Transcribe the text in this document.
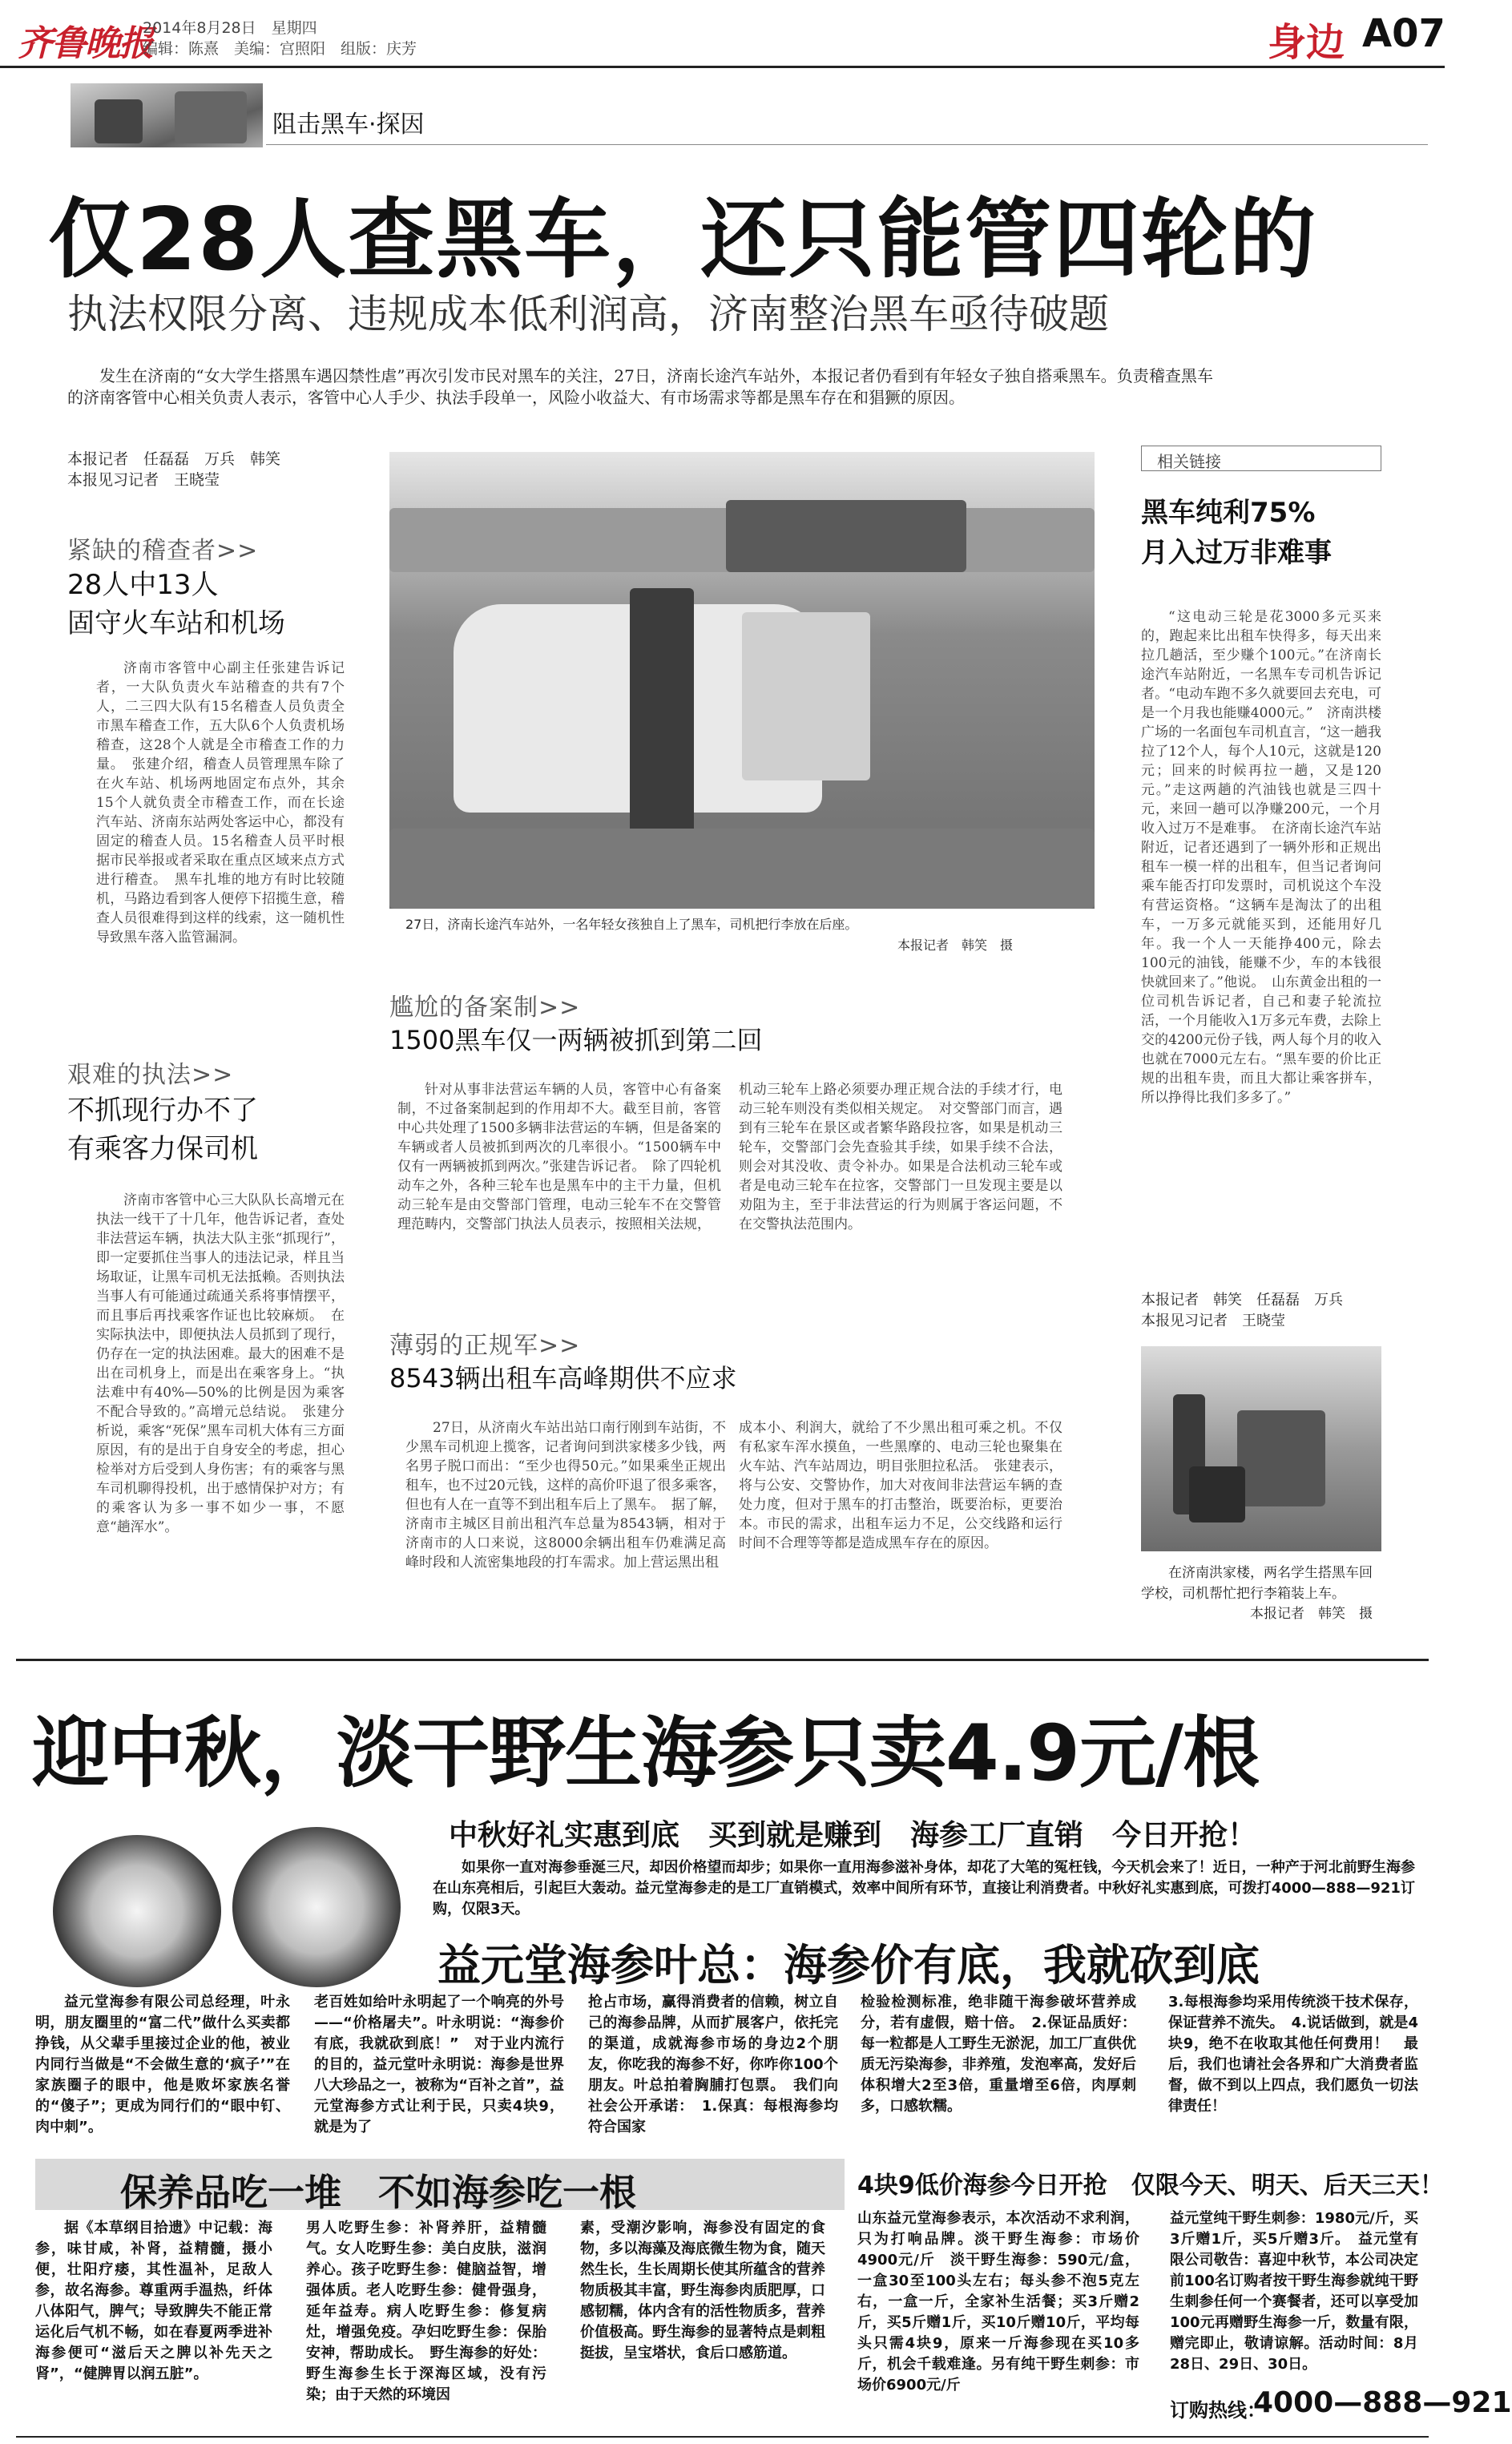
齐鲁晚报
2014年8月28日　星期四
编辑：陈熹　美编：宫照阳　组版：庆芳	身边 A07
阻击黑车·探因
仅28人查黑车，还只能管四轮的
执法权限分离、违规成本低利润高，济南整治黑车亟待破题
发生在济南的“女大学生搭黑车遇囚禁性虐”再次引发市民对黑车的关注，27日，济南长途汽车站外，本报记者仍看到有年轻女子独自搭乘黑车。负责稽查黑车的济南客管中心相关负责人表示，客管中心人手少、执法手段单一，风险小收益大、有市场需求等都是黑车存在和猖獗的原因。
本报记者　任磊磊　万兵　韩笑
本报见习记者　王晓莹
紧缺的稽查者>>
28人中13人
固守火车站和机场
济南市客管中心副主任张建告诉记者，一大队负责火车站稽查的共有7个人，二三四大队有15名稽查人员负责全市黑车稽查工作，五大队6个人负责机场稽查，这28个人就是全市稽查工作的力量。　张建介绍，稽查人员管理黑车除了在火车站、机场两地固定布点外，其余15个人就负责全市稽查工作，而在长途汽车站、济南东站两处客运中心，都没有固定的稽查人员。15名稽查人员平时根据市民举报或者采取在重点区域来点方式进行稽查。　黑车扎堆的地方有时比较随机，马路边看到客人便停下招揽生意，稽查人员很难得到这样的线索，这一随机性导致黑车落入监管漏洞。
艰难的执法>>
不抓现行办不了
有乘客力保司机
济南市客管中心三大队队长高增元在执法一线干了十几年，他告诉记者，查处非法营运车辆，执法大队主张“抓现行”，即一定要抓住当事人的违法记录，样且当场取证，让黑车司机无法抵赖。否则执法当事人有可能通过疏通关系将事情摆平，而且事后再找乘客作证也比较麻烦。　在实际执法中，即便执法人员抓到了现行，仍存在一定的执法困难。最大的困难不是出在司机身上，而是出在乘客身上。“执法难中有40%—50%的比例是因为乘客不配合导致的。”高增元总结说。　张建分析说，乘客“死保”黑车司机大体有三方面原因，有的是出于自身安全的考虑，担心检举对方后受到人身伤害；有的乘客与黑车司机聊得投机，出于感情保护对方；有的乘客认为多一事不如少一事，不愿意“趟浑水”。
27日，济南长途汽车站外，一名年轻女孩独自上了黑车，司机把行李放在后座。
本报记者　韩笑　摄
尴尬的备案制>>
1500黑车仅一两辆被抓到第二回
针对从事非法营运车辆的人员，客管中心有备案制，不过备案制起到的作用却不大。截至目前，客管中心共处理了1500多辆非法营运的车辆，但是备案的车辆或者人员被抓到两次的几率很小。“1500辆车中仅有一两辆被抓到两次。”张建告诉记者。　除了四轮机动车之外，各种三轮车也是黑车中的主干力量，但机动三轮车是由交警部门管理，电动三轮车不在交警管理范畴内，交警部门执法人员表示，按照相关法规，
机动三轮车上路必须要办理正规合法的手续才行，电动三轮车则没有类似相关规定。　对交警部门而言，遇到有三轮车在景区或者繁华路段拉客，如果是机动三轮车，交警部门会先查验其手续，如果手续不合法，则会对其没收、责令补办。如果是合法机动三轮车或者是电动三轮车在拉客，交警部门一旦发现主要是以劝阻为主，至于非法营运的行为则属于客运问题，不在交警执法范围内。
薄弱的正规军>>
8543辆出租车高峰期供不应求
27日，从济南火车站出站口南行刚到车站街，不少黑车司机迎上揽客，记者询问到洪家楼多少钱，两名男子脱口而出：“至少也得50元。”如果乘坐正规出租车，也不过20元钱，这样的高价吓退了很多乘客，但也有人在一直等不到出租车后上了黑车。　据了解，济南市主城区目前出租汽车总量为8543辆，相对于济南市的人口来说，这8000余辆出租车仍难满足高峰时段和人流密集地段的打车需求。加上营运黑出租
成本小、利润大，就给了不少黑出租可乘之机。不仅有私家车浑水摸鱼，一些黑摩的、电动三轮也聚集在火车站、汽车站周边，明目张胆拉私活。　张建表示，将与公安、交警协作，加大对夜间非法营运车辆的查处力度，但对于黑车的打击整治，既要治标，更要治本。市民的需求，出租车运力不足，公交线路和运行时间不合理等等都是造成黑车存在的原因。
相关链接
黑车纯利75%
月入过万非难事
“这电动三轮是花3000多元买来的，跑起来比出租车快得多，每天出来拉几趟活，至少赚个100元。”在济南长途汽车站附近，一名黑车专司机告诉记者。“电动车跑不多久就要回去充电，可是一个月我也能赚4000元。”　济南洪楼广场的一名面包车司机直言，“这一趟我拉了12个人，每个人10元，这就是120元；回来的时候再拉一趟，又是120元。”走这两趟的汽油钱也就是三四十元，来回一趟可以净赚200元，一个月收入过万不是难事。　在济南长途汽车站附近，记者还遇到了一辆外形和正规出租车一模一样的出租车，但当记者询问乘车能否打印发票时，司机说这个车没有营运资格。“这辆车是淘汰了的出租车，一万多元就能买到，还能用好几年。我一个人一天能挣400元，除去100元的油钱，能赚不少，车的本钱很快就回来了。”他说。　山东黄金出租的一位司机告诉记者，自己和妻子轮流拉活，一个月能收入1万多元车费，去除上交的4200元份子钱，两人每个月的收入也就在7000元左右。“黑车要的价比正规的出租车贵，而且大都让乘客拼车，所以挣得比我们多多了。”
本报记者　韩笑　任磊磊　万兵
本报见习记者　王晓莹
在济南洪家楼，两名学生搭黑车回学校，司机帮忙把行李箱装上车。
本报记者　韩笑　摄
迎中秋，淡干野生海参只卖4.9元/根
中秋好礼实惠到底　买到就是赚到　海参工厂直销　今日开抢！
如果你一直对海参垂涎三尺，却因价格望而却步；如果你一直用海参滋补身体，却花了大笔的冤枉钱，今天机会来了！近日，一种产于河北前野生海参在山东亮相后，引起巨大轰动。益元堂海参走的是工厂直销模式，效率中间所有环节，直接让利消费者。中秋好礼实惠到底，可拨打4000—888—921订购，仅限3天。
益元堂海参叶总：海参价有底，我就砍到底
益元堂海参有限公司总经理，叶永明，朋友圈里的“富二代”做什么买卖都挣钱，从父辈手里接过企业的他，被业内同行当做是“不会做生意的‘疯子’”在家族圈子的眼中，他是败坏家族名誉的“傻子”；更成为同行们的“眼中钉、肉中刺”。
老百姓如给叶永明起了一个响亮的外号——“价格屠夫”。叶永明说：“海参价有底，我就砍到底！”　对于业内流行的目的，益元堂叶永明说：海参是世界八大珍品之一，被称为“百补之首”，益元堂海参方式让利于民，只卖4块9，就是为了
抢占市场，赢得消费者的信赖，树立自己的海参品牌，从而扩展客户，依托完的渠道，成就海参市场的身边2个朋友，你吃我的海参不好，你咋你100个朋友。叶总拍着胸脯打包票。　我们向社会公开承诺：　1.保真：每根海参均符合国家
检验检测标准，绝非随干海参破坏营养成分，若有虚假，赔十倍。　2.保证品质好：每一粒都是人工野生无淤泥，加工厂直供优质无污染海参，非养殖，发泡率高，发好后体积增大2至3倍，重量增至6倍，肉厚刺多，口感软糯。
3.每根海参均采用传统淡干技术保存，保证营养不流失。　4.说话做到，就是4块9，绝不在收取其他任何费用！　最后，我们也请社会各界和广大消费者监督，做不到以上四点，我们愿负一切法律责任！
保养品吃一堆　不如海参吃一根	4块9低价海参今日开抢　仅限今天、明天、后天三天！
据《本草纲目拾遗》中记载：海参，味甘咸，补肾，益精髓，摄小便，壮阳疗痿，其性温补，足敌人参，故名海参。尊重两手温热，纤体八体阳气，脾气；导致脾失不能正常运化后气机不畅，如在春夏两季进补海参便可“滋后天之脾以补先天之肾”，“健脾胃以润五脏”。
男人吃野生参：补肾养肝，益精髓气。女人吃野生参：美白皮肤，滋润养心。孩子吃野生参：健脑益智，增强体质。老人吃野生参：健骨强身，延年益寿。病人吃野生参：修复病灶，增强免疫。孕妇吃野生参：保胎安神，帮助成长。　野生海参的好处：野生海参生长于深海区域，没有污染；由于天然的环境因
素，受潮汐影响，海参没有固定的食物，多以海藻及海底微生物为食，随天然生长，生长周期长使其所蕴含的营养物质极其丰富，野生海参肉质肥厚，口感韧糯，体内含有的活性物质多，营养价值极高。野生海参的显著特点是刺粗挺拔，呈宝塔状，食后口感筋道。
山东益元堂海参表示，本次活动不求利润，只为打响品牌。淡干野生海参：市场价4900元/斤　淡干野生海参：590元/盒，一盒30至100头左右；每头参不泡5克左右，一盒一斤，全家补生活餐；买3斤赠2斤，买5斤赠1斤，买10斤赠10斤，平均每头只需4块9，原来一斤海参现在买10多斤，机会千载难逢。另有纯干野生刺参：市场价6900元/斤
益元堂纯干野生刺参：1980元/斤，买3斤赠1斤，买5斤赠3斤。　益元堂有限公司敬告：喜迎中秋节，本公司决定前100名订购者按干野生海参就纯干野生刺参任何一个赛餐者，还可以享受加100元再赠野生海参一斤，数量有限，赠完即止，敬请谅解。活动时间：8月28日、29日、30日。
订购热线：
4000—888—921
